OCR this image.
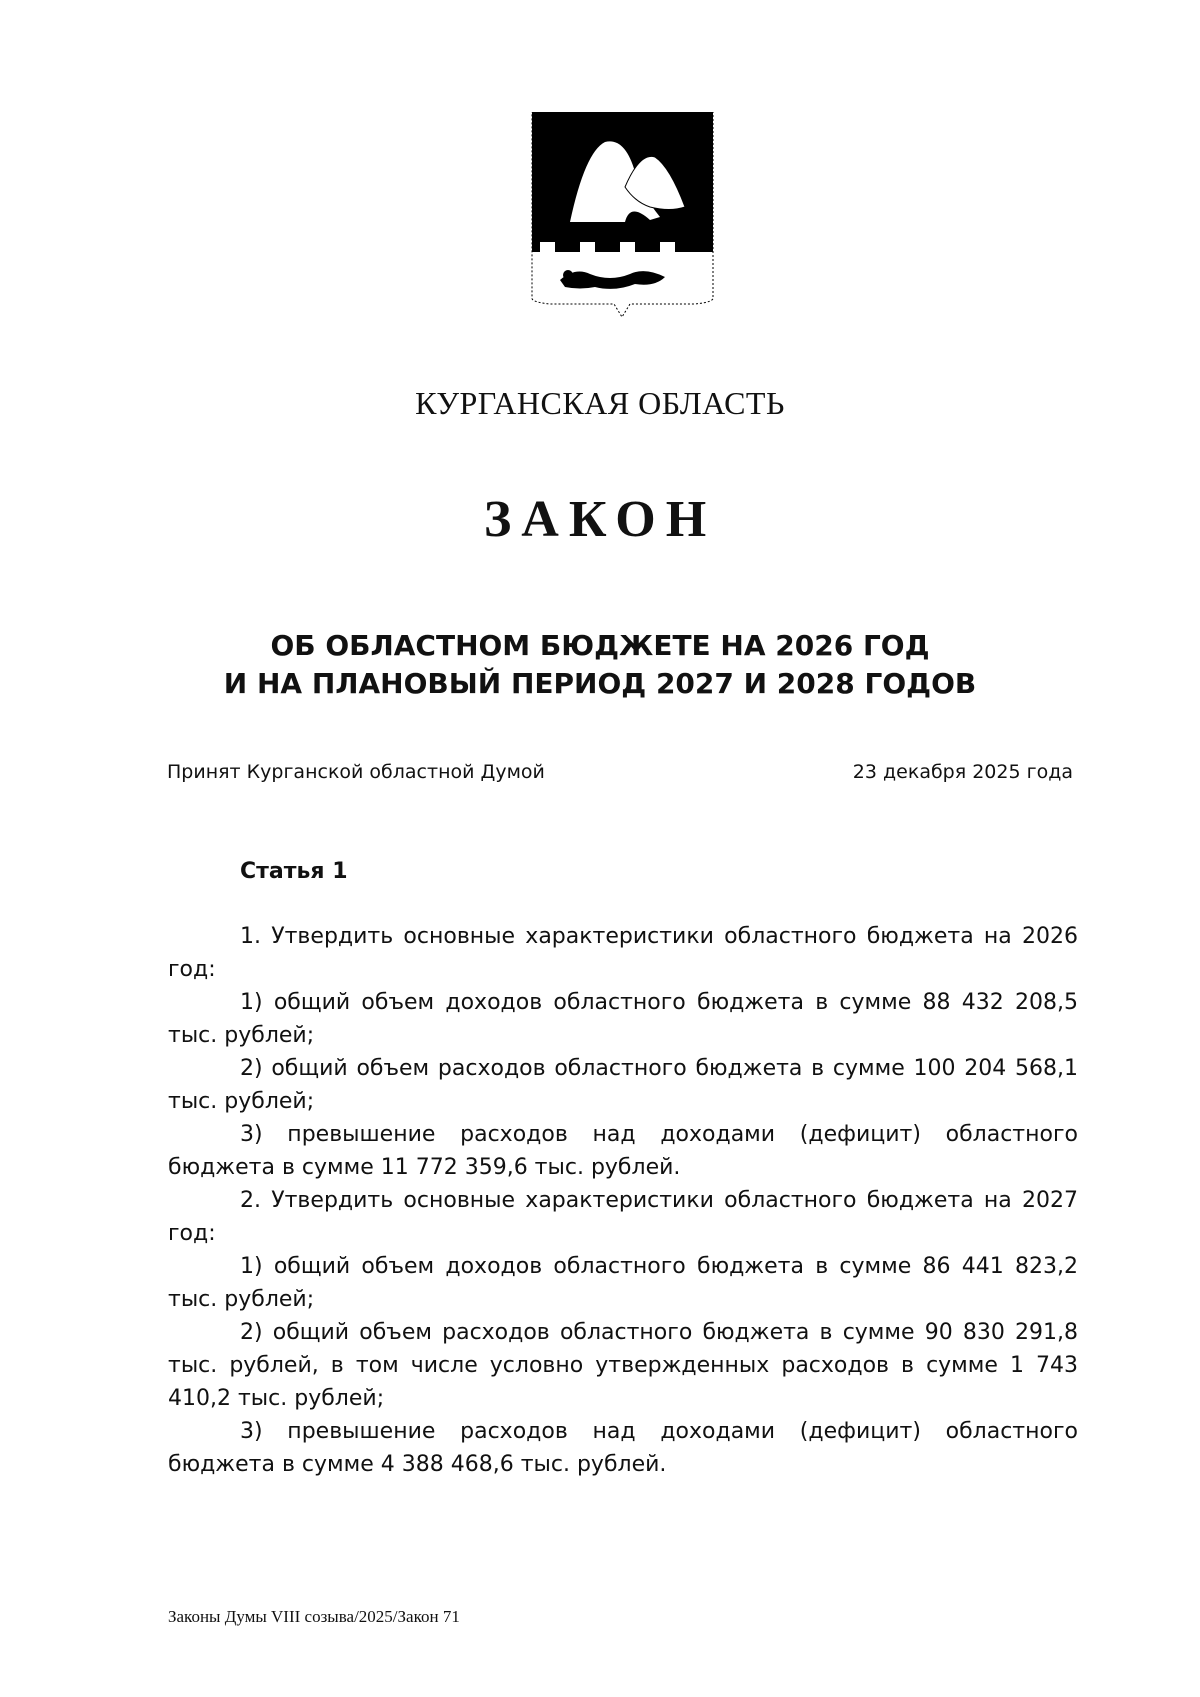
КУРГАНСКАЯ ОБЛАСТЬ
ЗАКОН
ОБ ОБЛАСТНОМ БЮДЖЕТЕ НА 2026 ГОД
И НА ПЛАНОВЫЙ ПЕРИОД 2027 И 2028 ГОДОВ
Принят Курганской областной Думой	23 декабря 2025 года
Статья 1

1. Утвердить основные характеристики областного бюджета на 2026 год:

1) общий объем доходов областного бюджета в сумме 88 432 208,5 тыс. рублей;

2) общий объем расходов областного бюджета в сумме 100 204 568,1 тыс. рублей;

3) превышение расходов над доходами (дефицит) областного бюджета в сумме 11 772 359,6 тыс. рублей.

2. Утвердить основные характеристики областного бюджета на 2027 год:

1) общий объем доходов областного бюджета в сумме 86 441 823,2 тыс. рублей;

2) общий объем расходов областного бюджета в сумме 90 830 291,8 тыс. рублей, в том числе условно утвержденных расходов в сумме 1 743 410,2 тыс. рублей;

3) превышение расходов над доходами (дефицит) областного бюджета в сумме 4 388 468,6 тыс. рублей.

Законы Думы VIII созыва/2025/Закон 71
